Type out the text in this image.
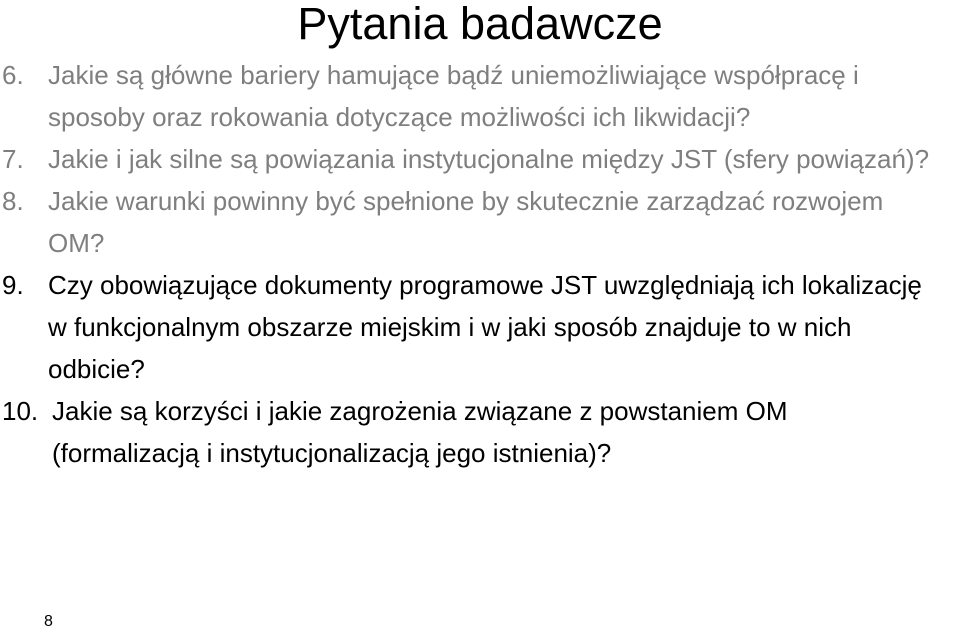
Pytania badawcze
6. Jakie są główne bariery hamujące bądź uniemożliwiające współpracę i sposoby oraz rokowania dotyczące możliwości ich likwidacji?
7. Jakie i jak silne są powiązania instytucjonalne między JST (sfery powiązań)?
8. Jakie warunki powinny być spełnione by skutecznie zarządzać rozwojem OM?
9. Czy obowiązujące dokumenty programowe JST uwzględniają ich lokalizację w funkcjonalnym obszarze miejskim i w jaki sposób znajduje to w nich odbicie?
10. Jakie są korzyści i jakie zagrożenia związane z powstaniem OM (formalizacją i instytucjonalizacją jego istnienia)?
8
